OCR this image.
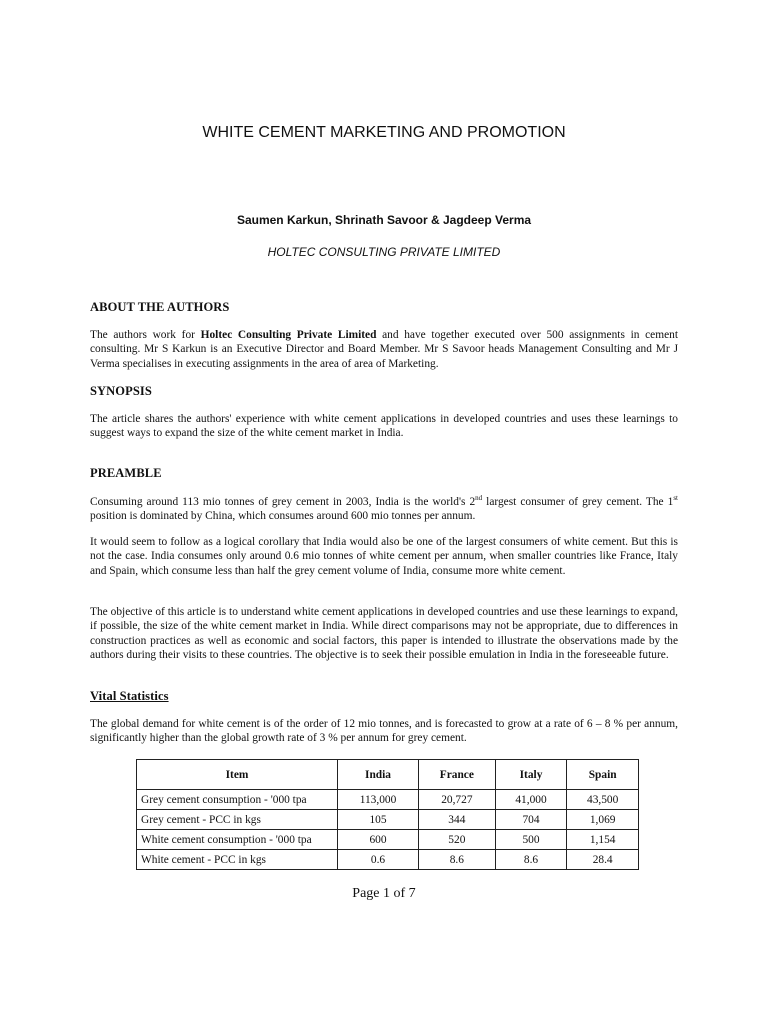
WHITE CEMENT MARKETING AND PROMOTION
Saumen Karkun, Shrinath Savoor & Jagdeep Verma
HOLTEC CONSULTING PRIVATE LIMITED
ABOUT THE AUTHORS

The authors work for Holtec Consulting Private Limited and have together executed over 500 assignments in cement consulting. Mr S Karkun is an Executive Director and Board Member. Mr S Savoor heads Management Consulting and Mr J Verma specialises in executing assignments in the area of area of Marketing.

SYNOPSIS

The article shares the authors' experience with white cement applications in developed countries and uses these learnings to suggest ways to expand the size of the white cement market in India.

PREAMBLE

Consuming around 113 mio tonnes of grey cement in 2003, India is the world's 2nd largest consumer of grey cement. The 1st position is dominated by China, which consumes around 600 mio tonnes per annum.

It would seem to follow as a logical corollary that India would also be one of the largest consumers of white cement. But this is not the case. India consumes only around 0.6 mio tonnes of white cement per annum, when smaller countries like France, Italy and Spain, which consume less than half the grey cement volume of India, consume more white cement.

The objective of this article is to understand white cement applications in developed countries and use these learnings to expand, if possible, the size of the white cement market in India. While direct comparisons may not be appropriate, due to differences in construction practices as well as economic and social factors, this paper is intended to illustrate the observations made by the authors during their visits to these countries. The objective is to seek their possible emulation in India in the foreseeable future.

Vital Statistics

The global demand for white cement is of the order of 12 mio tonnes, and is forecasted to grow at a rate of 6 – 8 % per annum, significantly higher than the global growth rate of 3 % per annum for grey cement.

Item	India	France	Italy	Spain
Grey cement consumption - '000 tpa	113,000	20,727	41,000	43,500
Grey cement - PCC in kgs	105	344	704	1,069
White cement consumption - '000 tpa	600	520	500	1,154
White cement - PCC in kgs	0.6	8.6	8.6	28.4
Page 1 of 7
